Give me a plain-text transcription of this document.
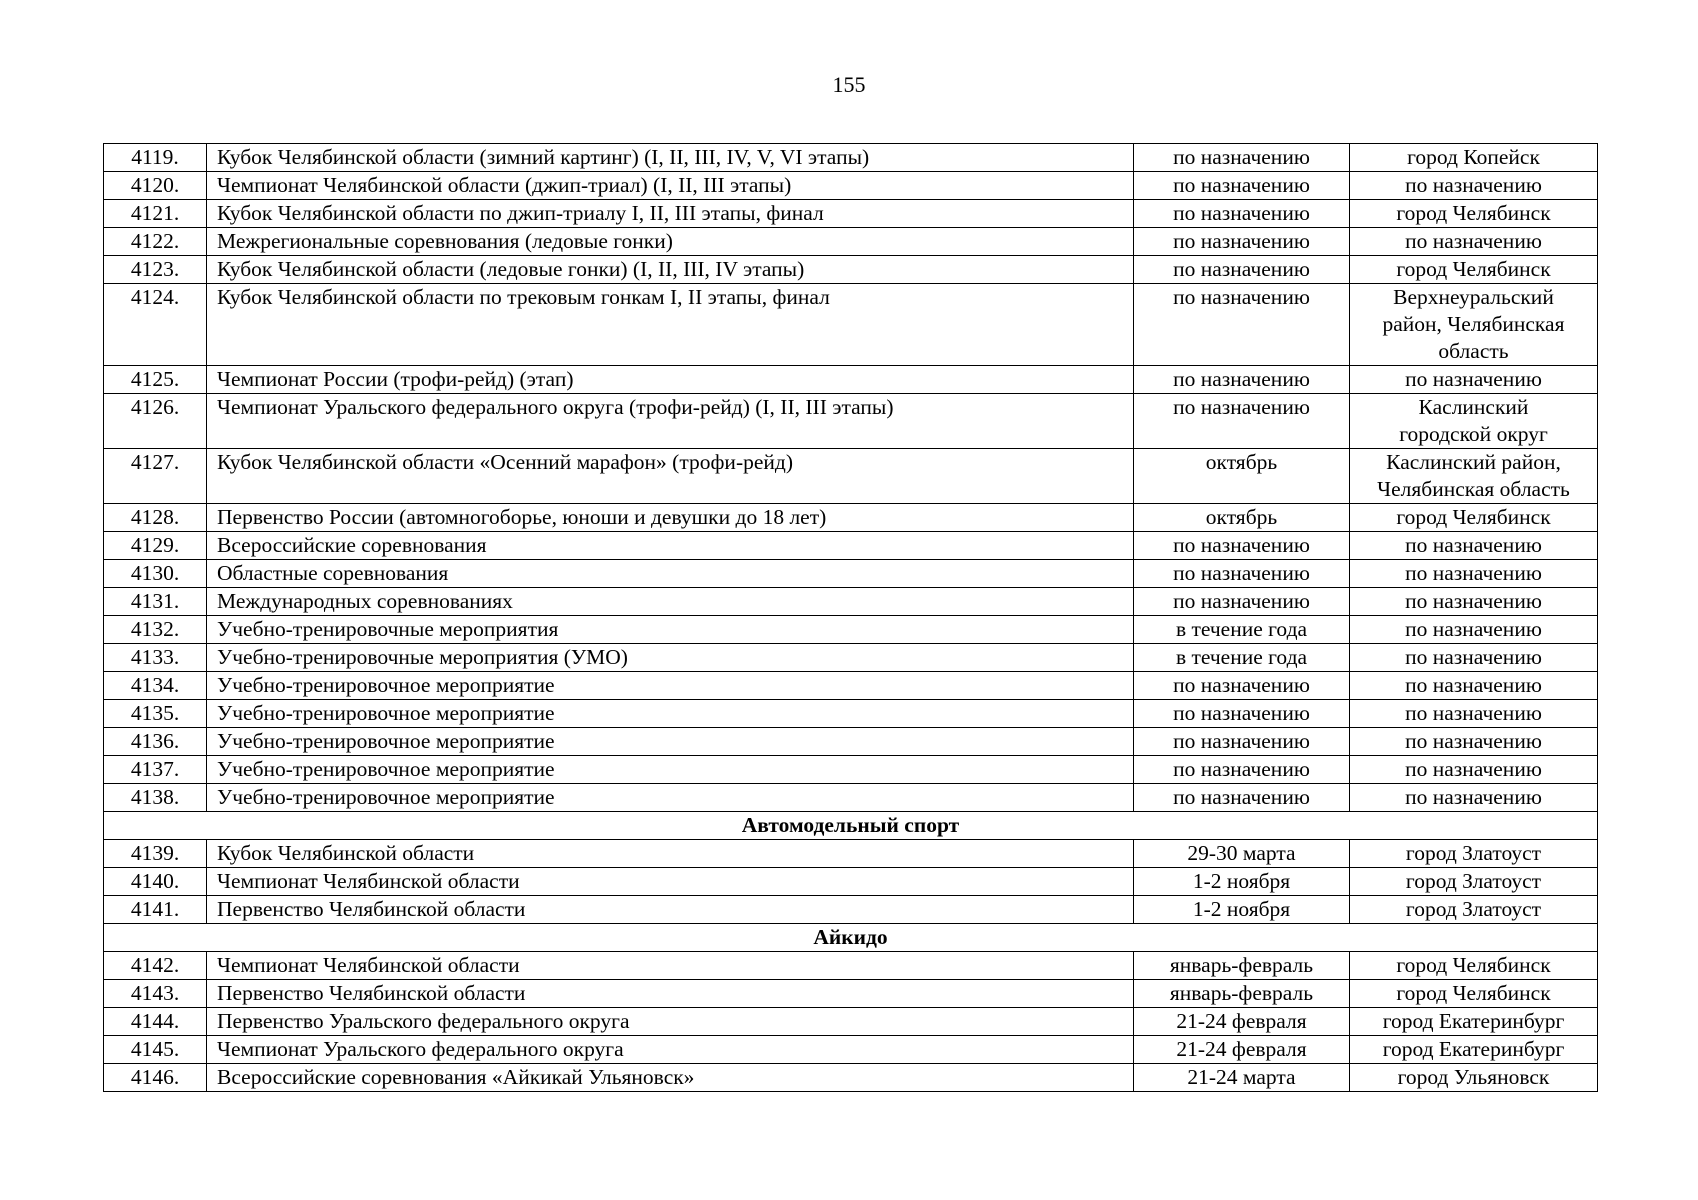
155
4119.	Кубок Челябинской области (зимний картинг) (I, II, III, IV, V, VI этапы)	по назначению	город Копейск

4120.	Чемпионат Челябинской области (джип-триал) (I, II, III этапы)	по назначению	по назначению

4121.	Кубок Челябинской области по джип-триалу I, II, III этапы, финал	по назначению	город Челябинск

4122.	Межрегиональные соревнования (ледовые гонки)	по назначению	по назначению

4123.	Кубок Челябинской области (ледовые гонки) (I, II, III, IV этапы)	по назначению	город Челябинск

4124.	Кубок Челябинской области по трековым гонкам I, II этапы, финал	по назначению	Верхнеуральский
район, Челябинская
область

4125.	Чемпионат России (трофи-рейд) (этап)	по назначению	по назначению

4126.	Чемпионат Уральского федерального округа (трофи-рейд) (I, II, III этапы)	по назначению	Каслинский
городской округ

4127.	Кубок Челябинской области «Осенний марафон» (трофи-рейд)	октябрь	Каслинский район,
Челябинская область

4128.	Первенство России (автомногоборье, юноши и девушки до 18 лет)	октябрь	город Челябинск

4129.	Всероссийские соревнования	по назначению	по назначению

4130.	Областные соревнования	по назначению	по назначению

4131.	Международных соревнованиях	по назначению	по назначению

4132.	Учебно-тренировочные мероприятия	в течение года	по назначению

4133.	Учебно-тренировочные мероприятия (УМО)	в течение года	по назначению

4134.	Учебно-тренировочное мероприятие	по назначению	по назначению

4135.	Учебно-тренировочное мероприятие	по назначению	по назначению

4136.	Учебно-тренировочное мероприятие	по назначению	по назначению

4137.	Учебно-тренировочное мероприятие	по назначению	по назначению

4138.	Учебно-тренировочное мероприятие	по назначению	по назначению

Автомодельный спорт			
4139.	Кубок Челябинской области	29-30 марта	город Златоуст

4140.	Чемпионат Челябинской области	1-2 ноября	город Златоуст

4141.	Первенство Челябинской области	1-2 ноября	город Златоуст

Айкидо			
4142.	Чемпионат Челябинской области	январь-февраль	город Челябинск

4143.	Первенство Челябинской области	январь-февраль	город Челябинск

4144.	Первенство Уральского федерального округа	21-24 февраля	город Екатеринбург

4145.	Чемпионат Уральского федерального округа	21-24 февраля	город Екатеринбург

4146.	Всероссийские соревнования «Айкикай Ульяновск»	21-24 марта	город Ульяновск
